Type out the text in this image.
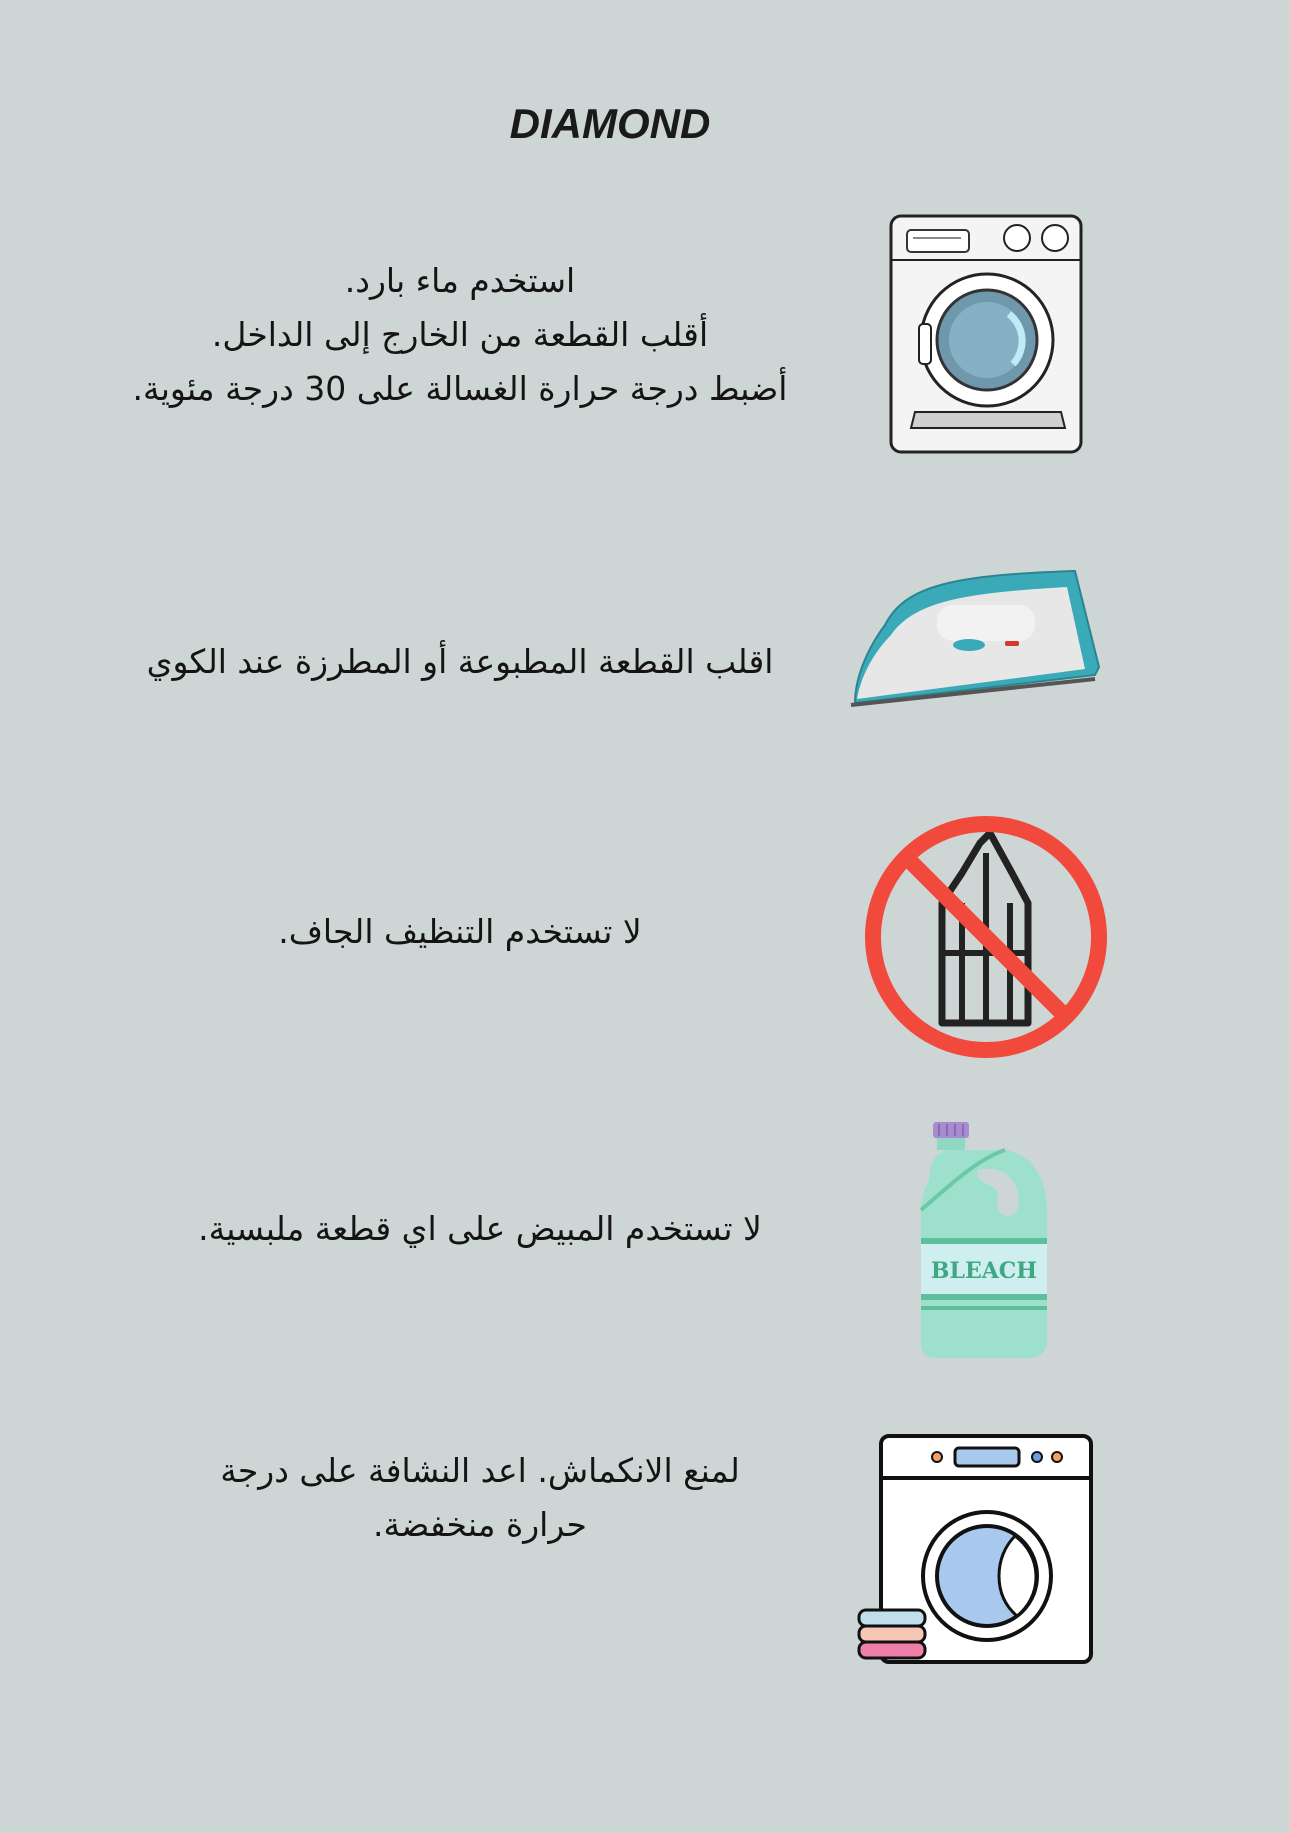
DIAMOND
استخدم ماء بارد.
أقلب القطعة من الخارج إلى الداخل.
أضبط درجة حرارة الغسالة على 30 درجة مئوية.
اقلب القطعة المطبوعة أو المطرزة عند الكوي
لا تستخدم التنظيف الجاف.
لا تستخدم المبيض على اي قطعة ملبسية.
BLEACH
لمنع الانكماش. اعد النشافة على درجة
حرارة منخفضة.
